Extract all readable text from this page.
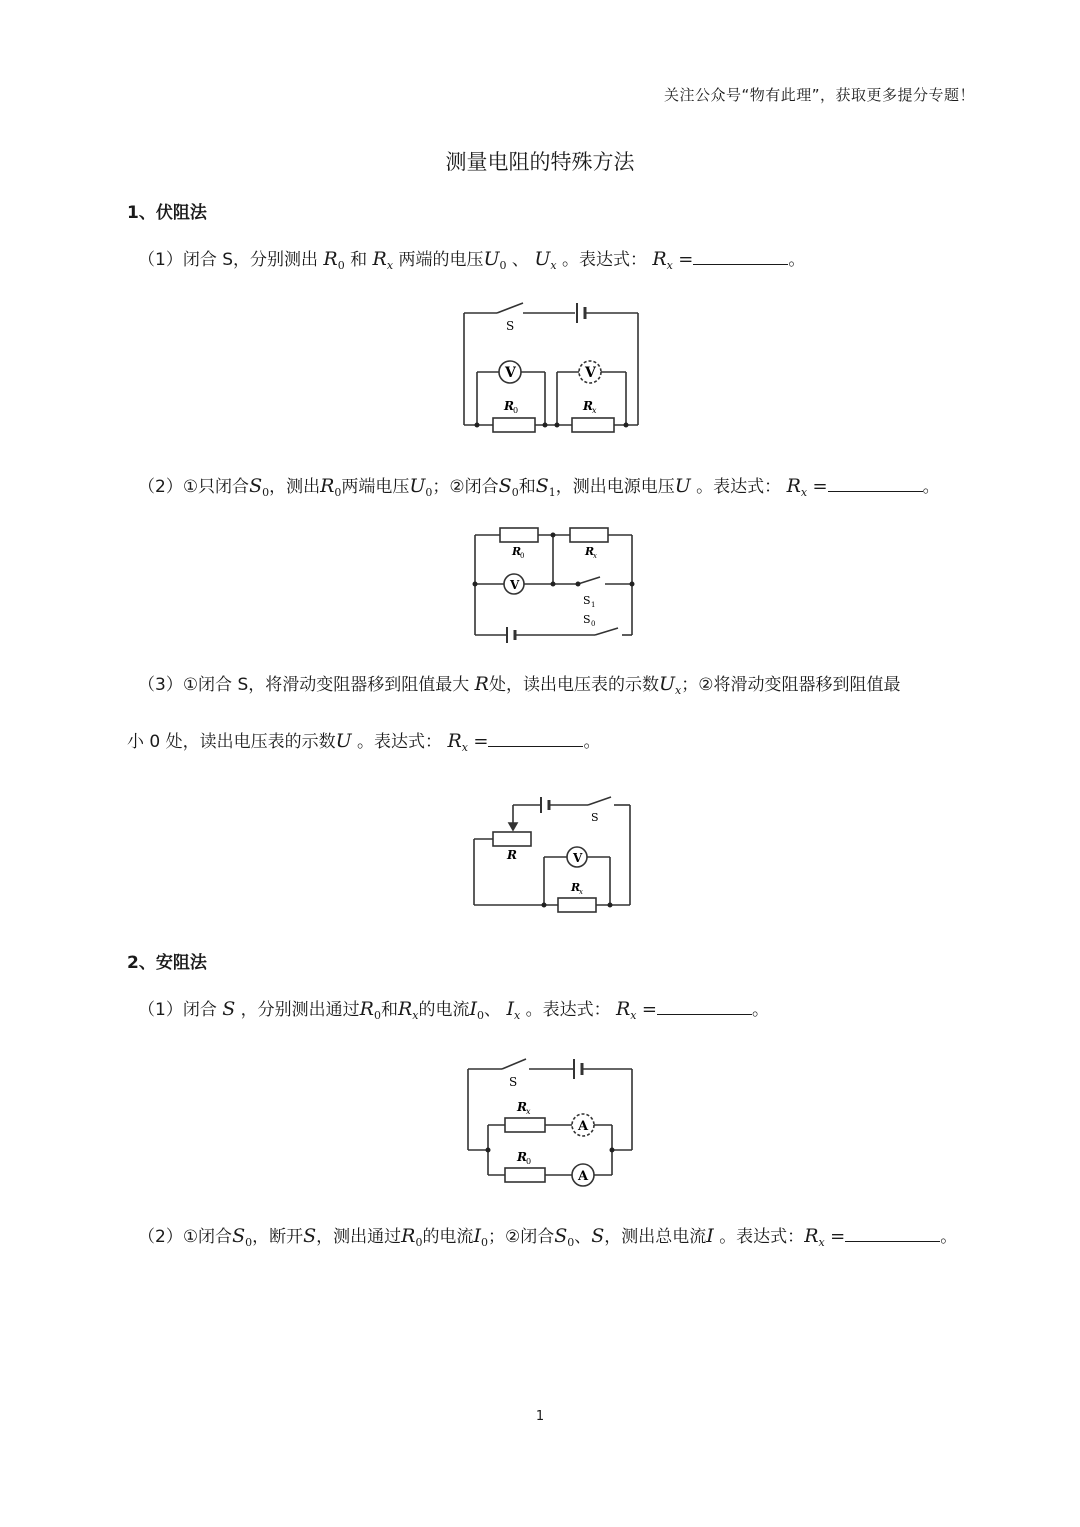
关注公众号“物有此理”，获取更多提分专题！
测量电阻的特殊方法
1、伏阻法
（1）闭合 S，分别测出 $R_0$ 和 $R_x$ 两端的电压$U_0$ 、 $U_x$ 。表达式： $R_x$ =	。
S
V	V
R 0	R x
（2）①只闭合$S_0$，测出$R_0$两端电压$U_0$；②闭合$S_0$和$S_1$，测出电源电压U 。表达式： $R_x$ =	。
R
0	R
x
V
S 1
S 0
（3）①闭合 S，将滑动变阻器移到阻值最大 R处，读出电压表的示数$U_x$；②将滑动变阻器移到阻值最
小 0 处，读出电压表的示数U 。表达式： $R_x$ =	。
S
R	V
R
x
2、安阻法
（1）闭合 S ，分别测出通过$R_0$和$R_x$的电流$I_0$、 $I_x$ 。表达式： $R_x$ =	。
S
R x
A
R 0
A
（2）①闭合$S_0$，断开S，测出通过$R_0$的电流$I_0$；②闭合$S_0$、S，测出总电流I 。表达式：$R_x$ =	。
1
